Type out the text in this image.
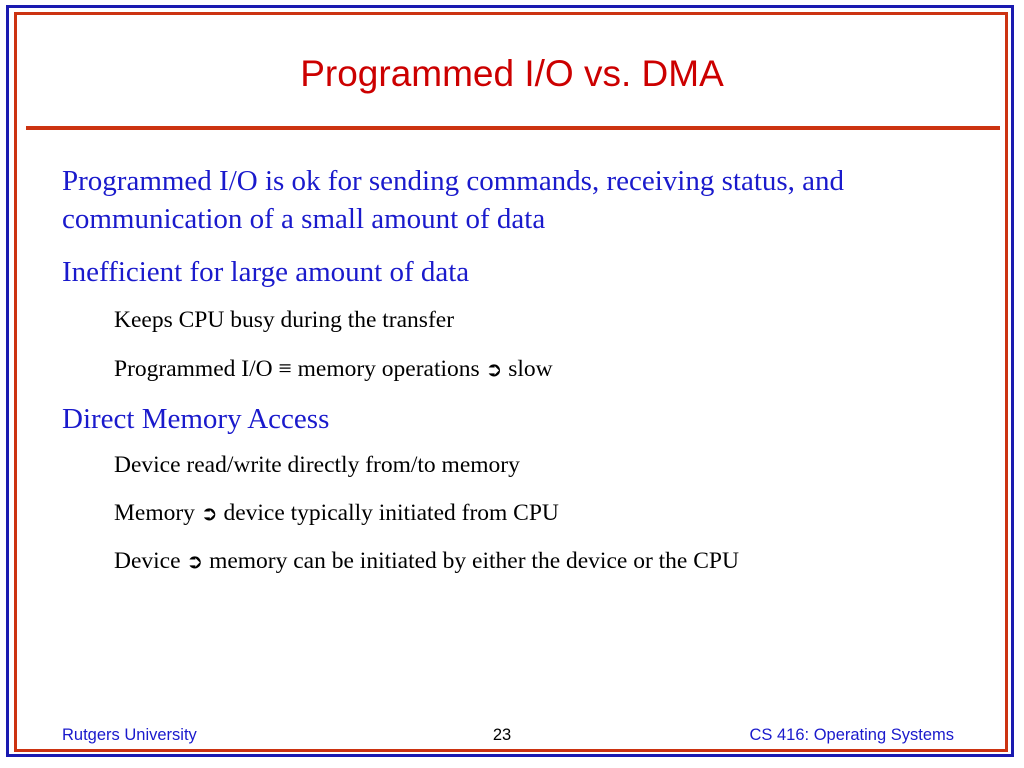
Programmed I/O vs. DMA

Programmed I/O is ok for sending commands, receiving status, and communication of a small amount of data

Inefficient for large amount of data

Keeps CPU busy during the transfer

Programmed I/O ≡ memory operations ➲ slow

Direct Memory Access

Device read/write directly from/to memory

Memory ➲ device typically initiated from CPU

Device ➲ memory can be initiated by either the device or the CPU

Rutgers University	23	CS 416: Operating Systems
